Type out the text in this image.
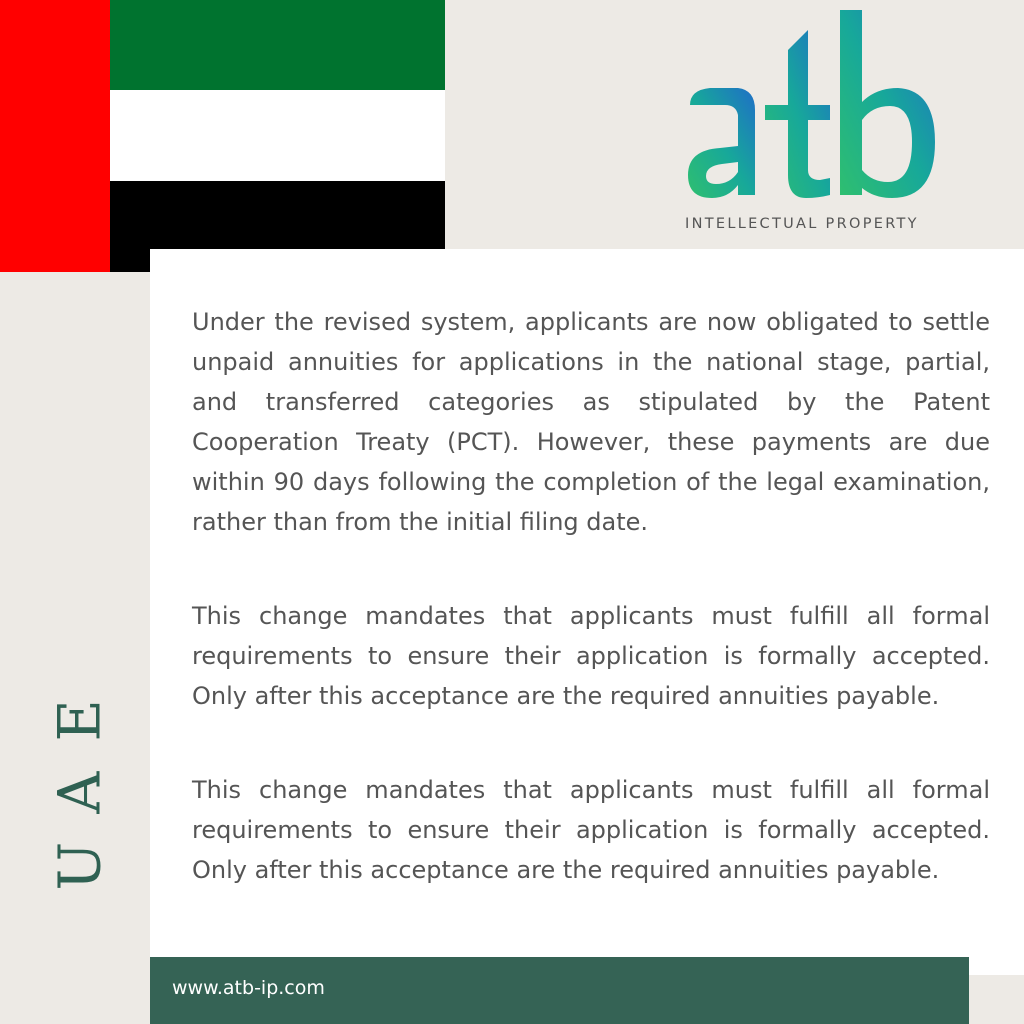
INTELLECTUAL PROPERTY

Under the revised system, applicants are now obligated to settle unpaid annuities for applications in the national stage, partial, and transferred categories as stipulated by the Patent Cooperation Treaty (PCT). However, these payments are due within 90 days following the completion of the legal examination, rather than from the initial filing date.

This change mandates that applicants must fulfill all formal requirements to ensure their application is formally accepted. Only after this acceptance are the required annuities payable.

This change mandates that applicants must fulfill all formal requirements to ensure their application is formally accepted. Only after this acceptance are the required annuities payable.

UAE
www.atb-ip.com
